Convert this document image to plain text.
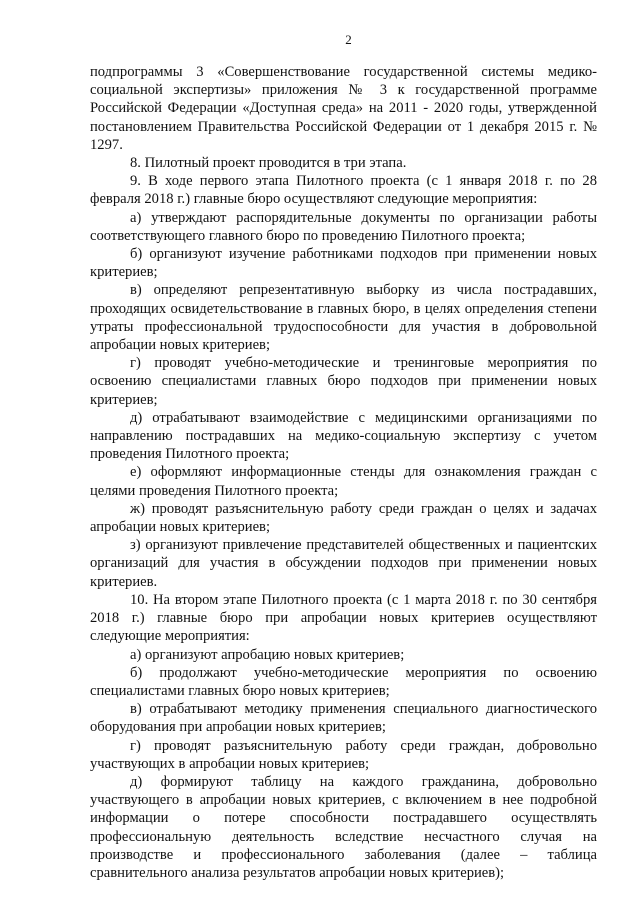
2

подпрограммы 3 «Совершенствование государственной системы медико-социальной экспертизы» приложения № 3 к государственной программе Российской Федерации «Доступная среда» на 2011 - 2020 годы, утвержденной постановлением Правительства Российской Федерации от 1 декабря 2015 г. № 1297.

8. Пилотный проект проводится в три этапа.

9. В ходе первого этапа Пилотного проекта (с 1 января 2018 г. по 28 февраля 2018 г.) главные бюро осуществляют следующие мероприятия:

а) утверждают распорядительные документы по организации работы соответствующего главного бюро по проведению Пилотного проекта;

б) организуют изучение работниками подходов при применении новых критериев;

в) определяют репрезентативную выборку из числа пострадавших, проходящих освидетельствование в главных бюро, в целях определения степени утраты профессиональной трудоспособности для участия в добровольной апробации новых критериев;

г) проводят учебно-методические и тренинговые мероприятия по освоению специалистами главных бюро подходов при применении новых критериев;

д) отрабатывают взаимодействие с медицинскими организациями по направлению пострадавших на медико-социальную экспертизу с учетом проведения Пилотного проекта;

е) оформляют информационные стенды для ознакомления граждан с целями проведения Пилотного проекта;

ж) проводят разъяснительную работу среди граждан о целях и задачах апробации новых критериев;

з) организуют привлечение представителей общественных и пациентских организаций для участия в обсуждении подходов при применении новых критериев.

10. На втором этапе Пилотного проекта (с 1 марта 2018 г. по 30 сентября 2018 г.) главные бюро при апробации новых критериев осуществляют следующие мероприятия:

а) организуют апробацию новых критериев;

б) продолжают учебно-методические мероприятия по освоению специалистами главных бюро новых критериев;

в) отрабатывают методику применения специального диагностического оборудования при апробации новых критериев;

г) проводят разъяснительную работу среди граждан, добровольно участвующих в апробации новых критериев;

д) формируют таблицу на каждого гражданина, добровольно участвующего в апробации новых критериев, с включением в нее подробной информации о потере способности пострадавшего осуществлять профессиональную деятельность вследствие несчастного случая на производстве и профессионального заболевания (далее – таблица сравнительного анализа результатов апробации новых критериев);
